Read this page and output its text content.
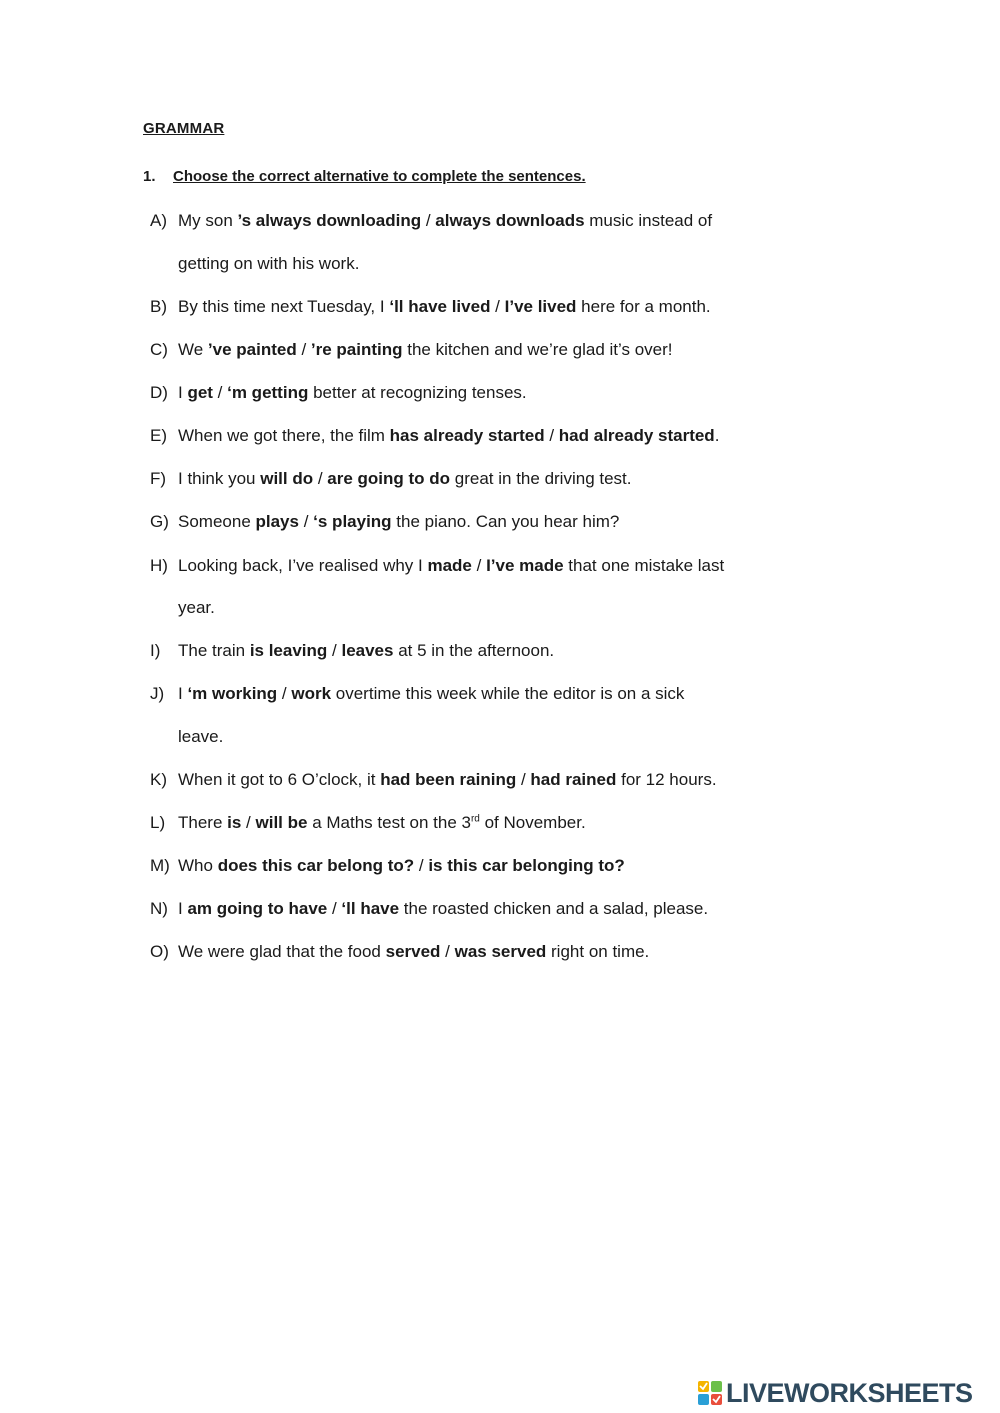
GRAMMAR
1. Choose the correct alternative to complete the sentences.
A) My son ’s always downloading / always downloads music instead of
getting on with his work.
B) By this time next Tuesday, I ‘ll have lived / I’ve lived here for a month.
C) We ’ve painted / ’re painting the kitchen and we’re glad it’s over!
D) I get / ‘m getting better at recognizing tenses.
E) When we got there, the film has already started / had already started.
F) I think you will do / are going to do great in the driving test.
G) Someone plays / ‘s playing the piano. Can you hear him?
H) Looking back, I’ve realised why I made / I’ve made that one mistake last
year.
I) The train is leaving / leaves at 5 in the afternoon.
J) I ‘m working / work overtime this week while the editor is on a sick
leave.
K) When it got to 6 O’clock, it had been raining / had rained for 12 hours.
L) There is / will be a Maths test on the 3rd of November.
M) Who does this car belong to? / is this car belonging to?
N) I am going to have / ‘ll have the roasted chicken and a salad, please.
O) We were glad that the food served / was served right on time.
LIVEWORKSHEETS
